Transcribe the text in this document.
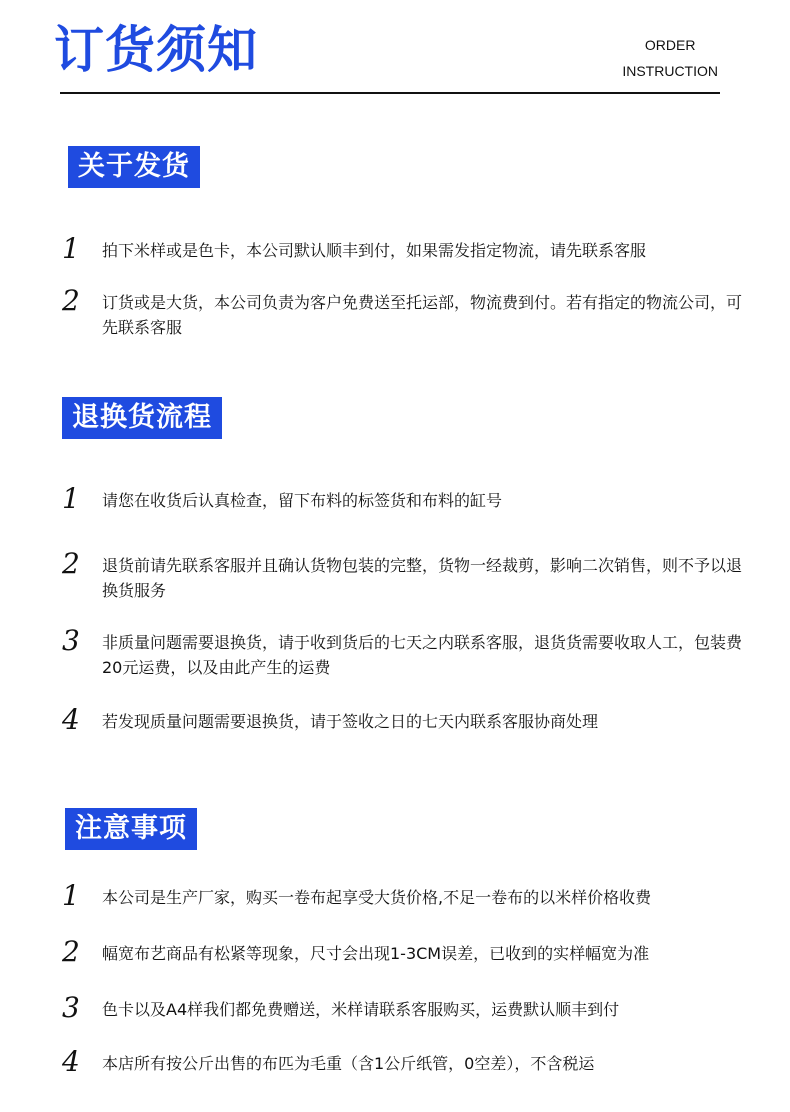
订货须知	ORDER
INSTRUCTION
关于发货
1	拍下米样或是色卡，本公司默认顺丰到付，如果需发指定物流，请先联系客服
2	订货或是大货，本公司负责为客户免费送至托运部，物流费到付。若有指定的物流公司，可先联系客服
退换货流程
1	请您在收货后认真检查，留下布料的标签货和布料的缸号
2	退货前请先联系客服并且确认货物包装的完整，货物一经裁剪，影响二次销售，则不予以退换货服务
3	非质量问题需要退换货，请于收到货后的七天之内联系客服，退货货需要收取人工，包装费20元运费，以及由此产生的运费
4	若发现质量问题需要退换货，请于签收之日的七天内联系客服协商处理
注意事项
1	本公司是生产厂家，购买一卷布起享受大货价格,不足一卷布的以米样价格收费
2	幅宽布艺商品有松紧等现象，尺寸会出现1-3CM误差，已收到的实样幅宽为准
3	色卡以及A4样我们都免费赠送，米样请联系客服购买，运费默认顺丰到付
4	本店所有按公斤出售的布匹为毛重（含1公斤纸管，0空差），不含税运
